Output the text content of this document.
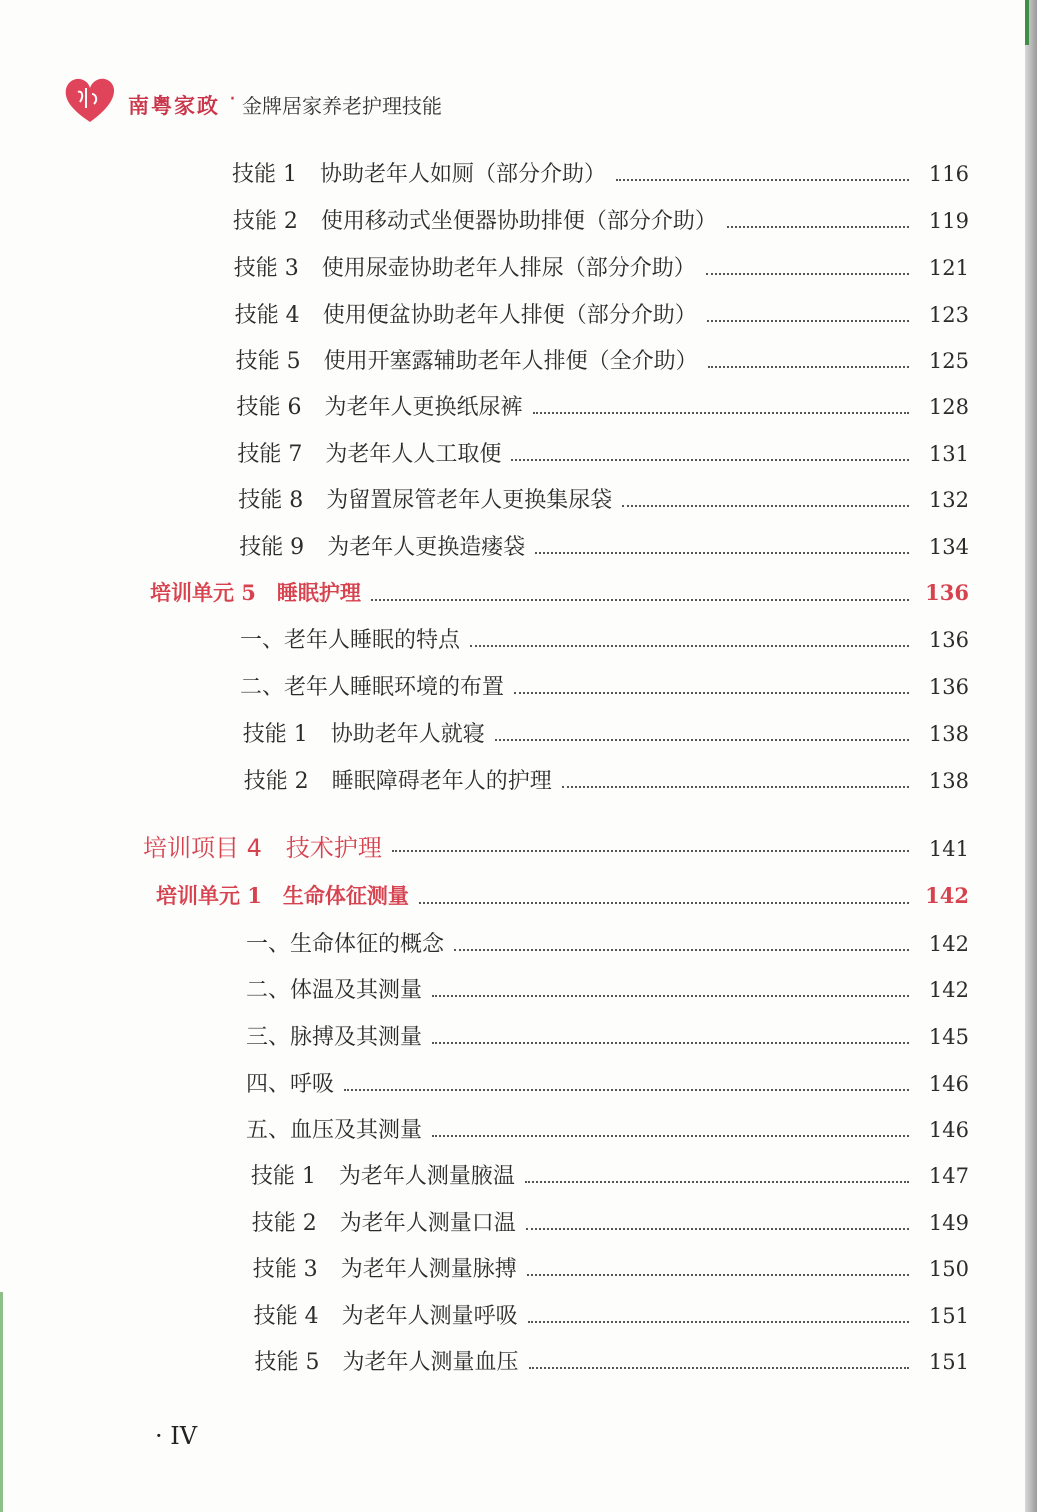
南粤家政 · 金牌居家养老护理技能
技能 1 协助老年人如厕（部分介助）	116
技能 2 使用移动式坐便器协助排便（部分介助）	119
技能 3 使用尿壶协助老年人排尿（部分介助）	121
技能 4 使用便盆协助老年人排便（部分介助）	123
技能 5 使用开塞露辅助老年人排便（全介助）	125
技能 6 为老年人更换纸尿裤	128
技能 7 为老年人人工取便	131
技能 8 为留置尿管老年人更换集尿袋	132
技能 9 为老年人更换造瘘袋	134
培训单元 5　睡眠护理	136
一、老年人睡眠的特点	136
二、老年人睡眠环境的布置	136
技能 1 协助老年人就寝	138
技能 2 睡眠障碍老年人的护理	138
培训项目 4　技术护理	141
培训单元 1　生命体征测量	142
一、生命体征的概念	142
二、体温及其测量	142
三、脉搏及其测量	145
四、呼吸	146
五、血压及其测量	146
技能 1 为老年人测量腋温	147
技能 2 为老年人测量口温	149
技能 3 为老年人测量脉搏	150
技能 4 为老年人测量呼吸	151
技能 5 为老年人测量血压	151
· IV
